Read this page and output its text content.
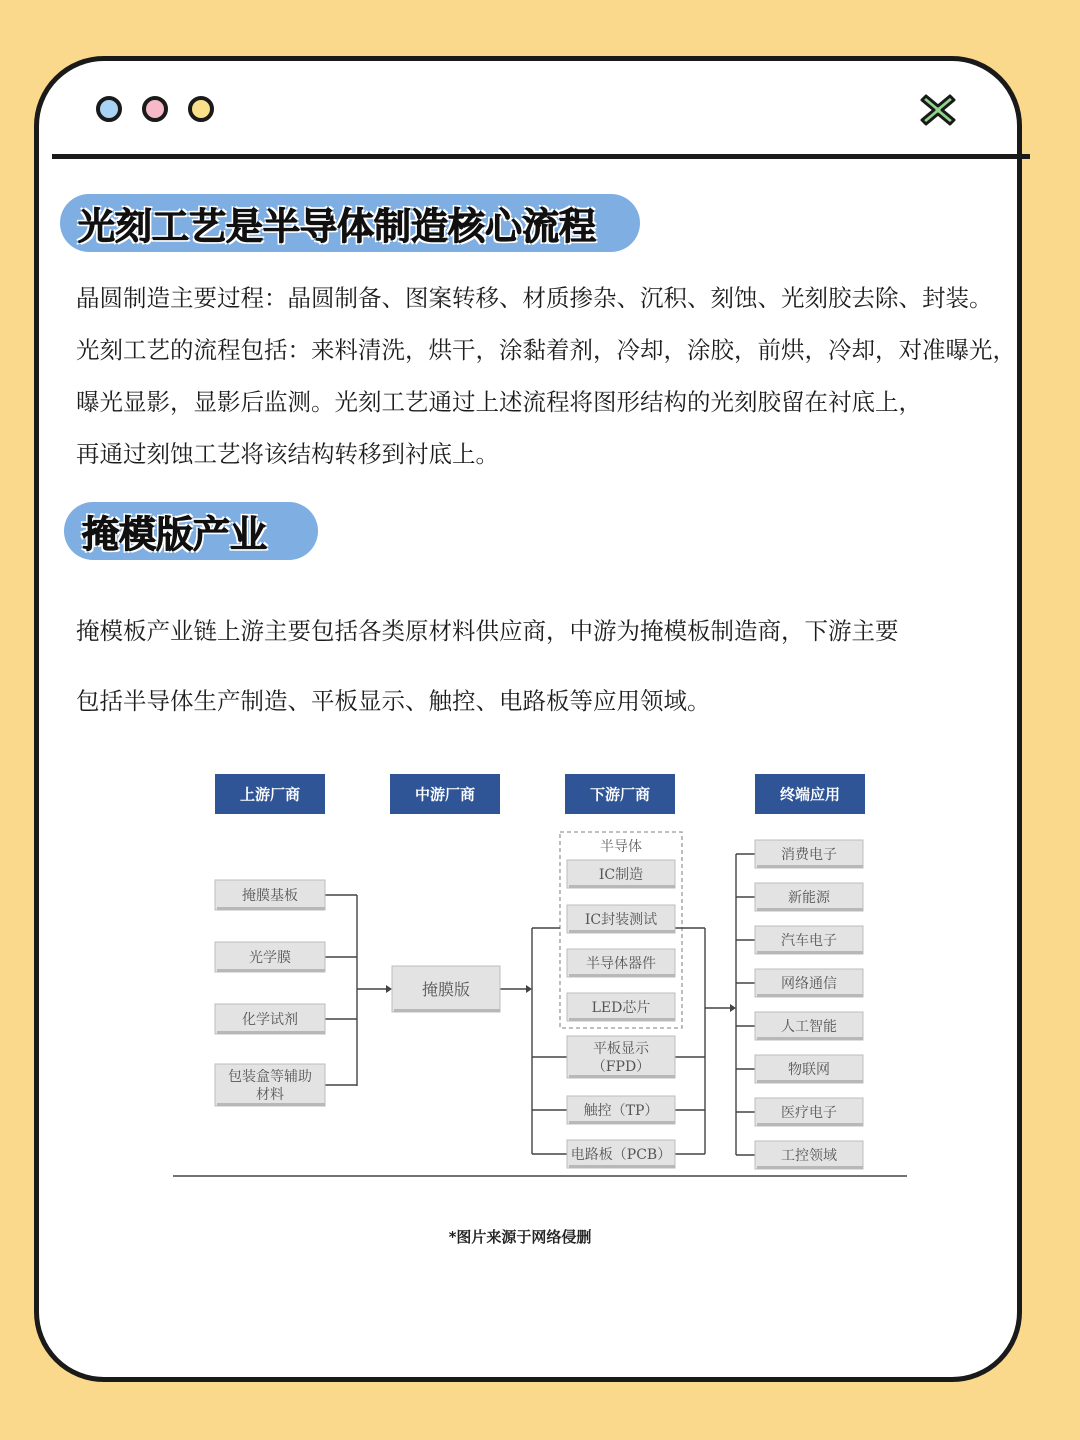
光刻工艺是半导体制造核心流程
晶圆制造主要过程：晶圆制备、图案转移、材质掺杂、沉积、刻蚀、光刻胶去除、封装。
光刻工艺的流程包括：来料清洗，烘干，涂黏着剂，冷却，涂胶，前烘，冷却，对准曝光，
曝光显影，显影后监测。光刻工艺通过上述流程将图形结构的光刻胶留在衬底上，
再通过刻蚀工艺将该结构转移到衬底上。
掩模版产业
掩模板产业链上游主要包括各类原材料供应商，中游为掩模板制造商，下游主要
包括半导体生产制造、平板显示、触控、电路板等应用领域。
上游厂商	中游厂商	下游厂商	终端应用
掩膜基板
光学膜
化学试剂
包装盒等辅助
材料
掩膜版
半导体
IC制造
IC封装测试
半导体器件
LED芯片
平板显示
（FPD）
触控（TP）
电路板（PCB）
消费电子
新能源
汽车电子
网络通信
人工智能
物联网
医疗电子
工控领域
*图片来源于网络侵删
